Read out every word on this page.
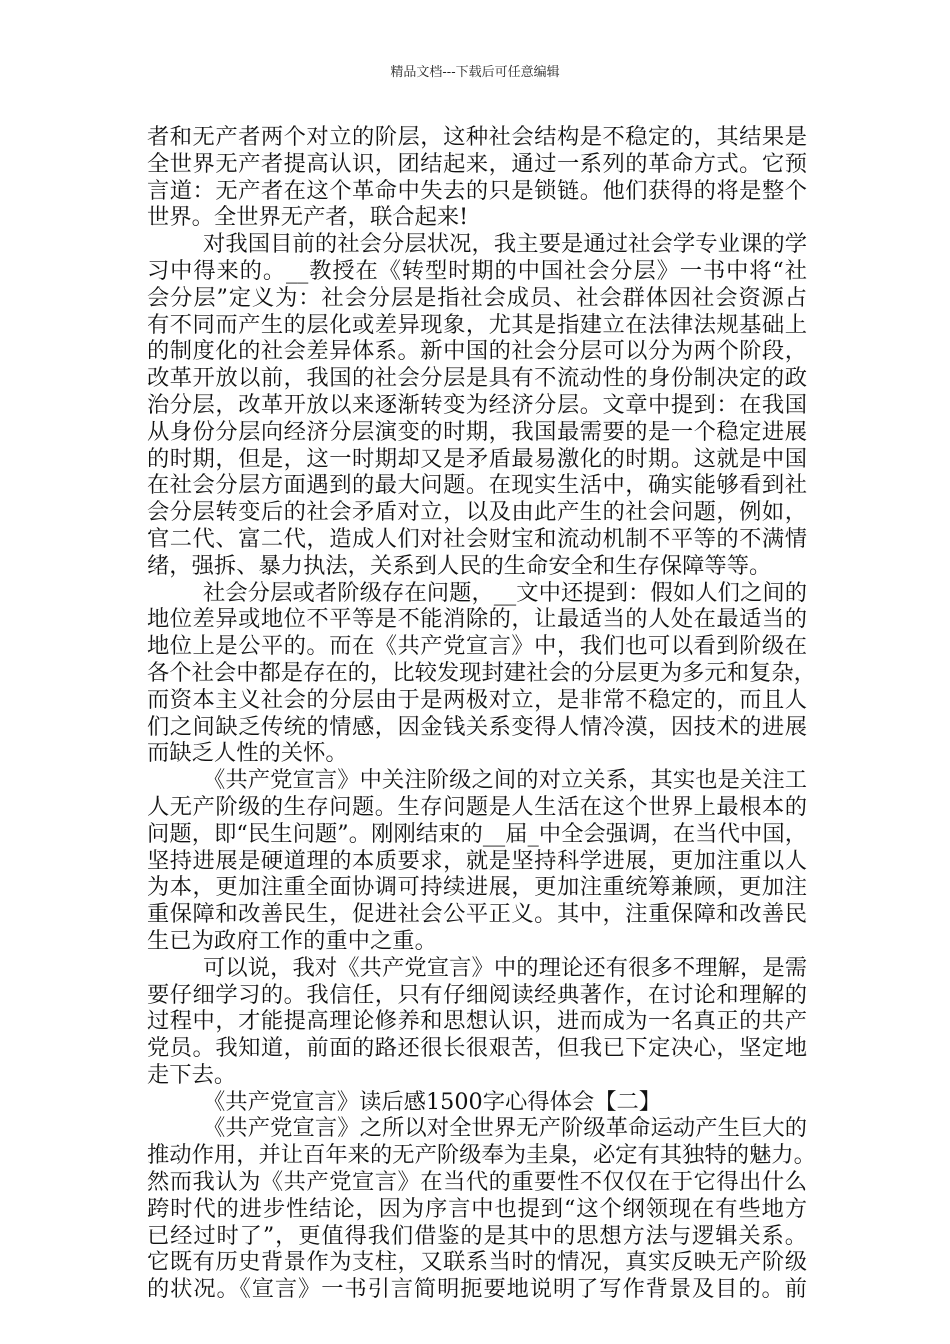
精品文档---下载后可任意编辑
者和无产者两个对立的阶层，这种社会结构是不稳定的，其结果是
全世界无产者提高认识，团结起来，通过一系列的革命方式。它预
言道：无产者在这个革命中失去的只是锁链。他们获得的将是整个
世界。全世界无产者，联合起来!
对我国目前的社会分层状况，我主要是通过社会学专业课的学
习中得来的。__教授在《转型时期的中国社会分层》一书中将“社
会分层”定义为：社会分层是指社会成员、社会群体因社会资源占
有不同而产生的层化或差异现象，尤其是指建立在法律法规基础上
的制度化的社会差异体系。新中国的社会分层可以分为两个阶段，
改革开放以前，我国的社会分层是具有不流动性的身份制决定的政
治分层，改革开放以来逐渐转变为经济分层。文章中提到：在我国
从身份分层向经济分层演变的时期，我国最需要的是一个稳定进展
的时期，但是，这一时期却又是矛盾最易激化的时期。这就是中国
在社会分层方面遇到的最大问题。在现实生活中，确实能够看到社
会分层转变后的社会矛盾对立，以及由此产生的社会问题，例如，
官二代、富二代，造成人们对社会财宝和流动机制不平等的不满情
绪，强拆、暴力执法，关系到人民的生命安全和生存保障等等。
社会分层或者阶级存在问题，__文中还提到：假如人们之间的
地位差异或地位不平等是不能消除的，让最适当的人处在最适当的
地位上是公平的。而在《共产党宣言》中，我们也可以看到阶级在
各个社会中都是存在的，比较发现封建社会的分层更为多元和复杂，
而资本主义社会的分层由于是两极对立，是非常不稳定的，而且人
们之间缺乏传统的情感，因金钱关系变得人情冷漠，因技术的进展
而缺乏人性的关怀。
《共产党宣言》中关注阶级之间的对立关系，其实也是关注工
人无产阶级的生存问题。生存问题是人生活在这个世界上最根本的
问题，即“民生问题”。刚刚结束的__届_中全会强调，在当代中国，
坚持进展是硬道理的本质要求，就是坚持科学进展，更加注重以人
为本，更加注重全面协调可持续进展，更加注重统筹兼顾，更加注
重保障和改善民生，促进社会公平正义。其中，注重保障和改善民
生已为政府工作的重中之重。
可以说，我对《共产党宣言》中的理论还有很多不理解，是需
要仔细学习的。我信任，只有仔细阅读经典著作，在讨论和理解的
过程中，才能提高理论修养和思想认识，进而成为一名真正的共产
党员。我知道，前面的路还很长很艰苦，但我已下定决心，坚定地
走下去。
《共产党宣言》读后感1500字心得体会【二】
《共产党宣言》之所以对全世界无产阶级革命运动产生巨大的
推动作用，并让百年来的无产阶级奉为圭臬，必定有其独特的魅力。
然而我认为《共产党宣言》在当代的重要性不仅仅在于它得出什么
跨时代的进步性结论，因为序言中也提到“这个纲领现在有些地方
已经过时了”，更值得我们借鉴的是其中的思想方法与逻辑关系。
它既有历史背景作为支柱，又联系当时的情况，真实反映无产阶级
的状况。《宣言》一书引言简明扼要地说明了写作背景及目的。前
